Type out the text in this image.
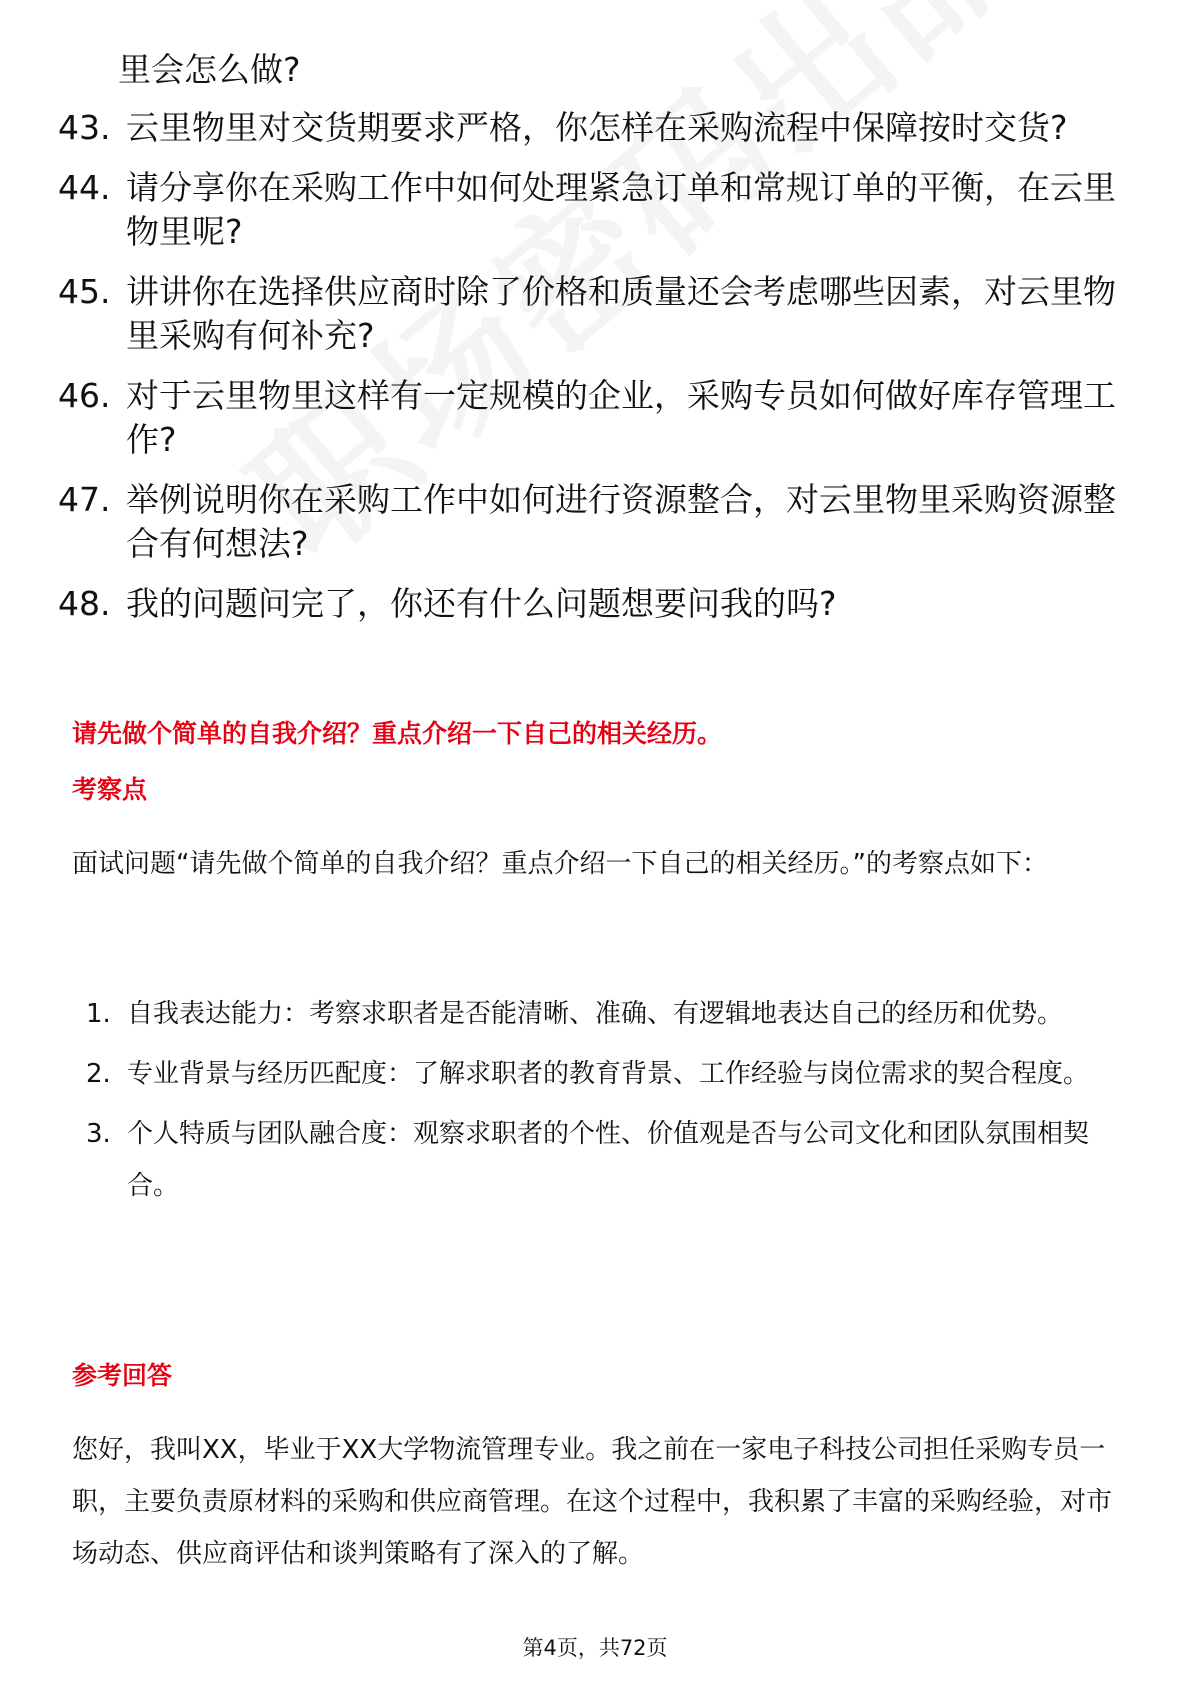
里会怎么做?
43. 云里物里对交货期要求严格，你怎样在采购流程中保障按时交货?
44. 请分享你在采购工作中如何处理紧急订单和常规订单的平衡，在云里物里呢?
45. 讲讲你在选择供应商时除了价格和质量还会考虑哪些因素，对云里物里采购有何补充?
46. 对于云里物里这样有一定规模的企业，采购专员如何做好库存管理工作?
47. 举例说明你在采购工作中如何进行资源整合，对云里物里采购资源整合有何想法?
48. 我的问题问完了，你还有什么问题想要问我的吗?
请先做个简单的自我介绍？重点介绍一下自己的相关经历。
考察点
面试问题“请先做个简单的自我介绍？重点介绍一下自己的相关经历。”的考察点如下：
1. 自我表达能力：考察求职者是否能清晰、准确、有逻辑地表达自己的经历和优势。
2. 专业背景与经历匹配度：了解求职者的教育背景、工作经验与岗位需求的契合程度。
3. 个人特质与团队融合度：观察求职者的个性、价值观是否与公司文化和团队氛围相契合。
参考回答
您好，我叫XX，毕业于XX大学物流管理专业。我之前在一家电子科技公司担任采购专员一职，主要负责原材料的采购和供应商管理。在这个过程中，我积累了丰富的采购经验，对市场动态、供应商评估和谈判策略有了深入的了解。
第4页，共72页
